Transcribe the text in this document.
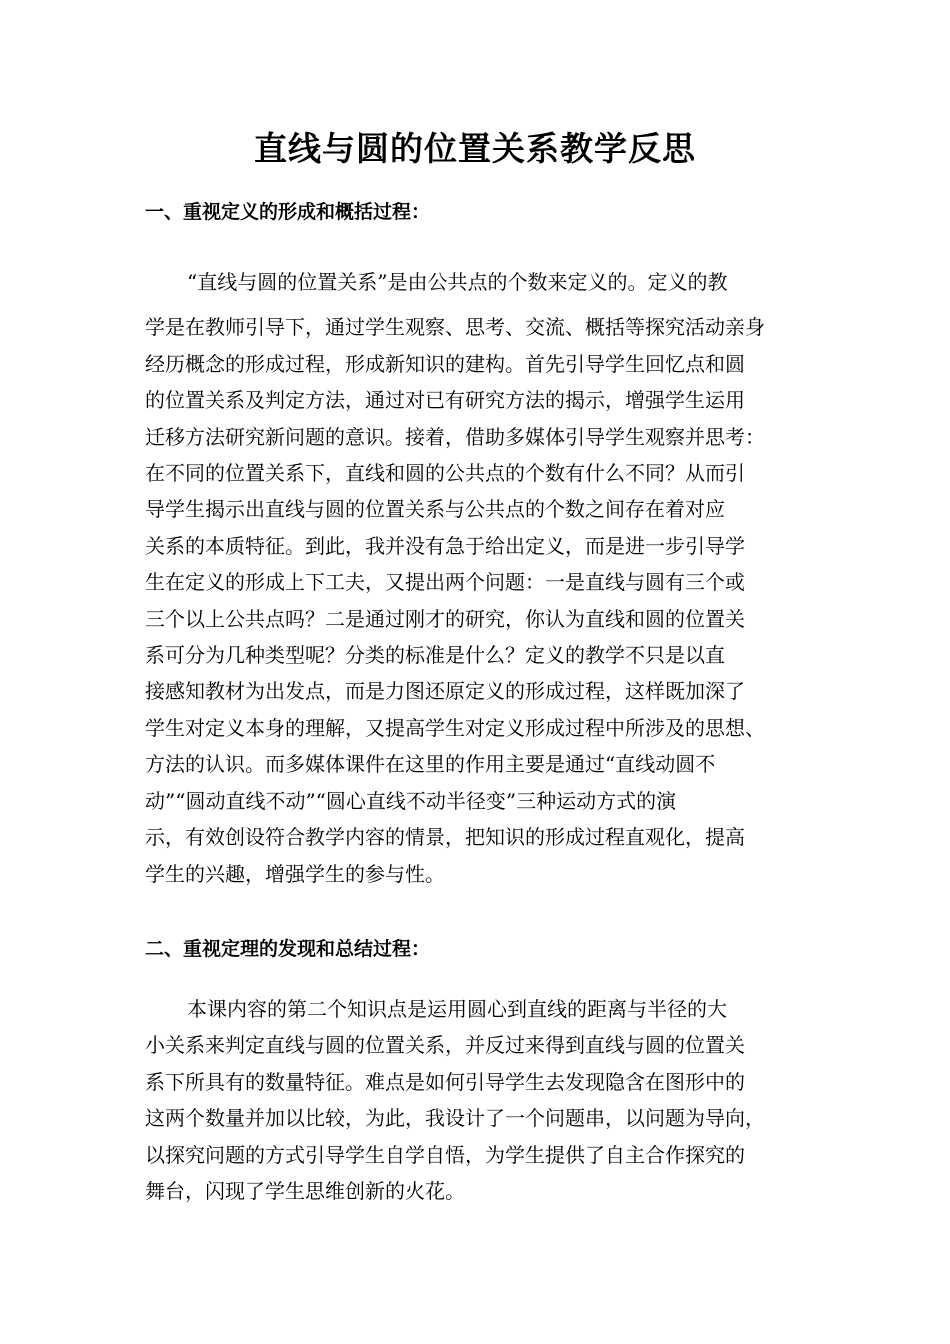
直线与圆的位置关系教学反思
一、重视定义的形成和概括过程：
“直线与圆的位置关系”是由公共点的个数来定义的。定义的教
学是在教师引导下，通过学生观察、思考、交流、概括等探究活动亲身
经历概念的形成过程，形成新知识的建构。首先引导学生回忆点和圆
的位置关系及判定方法，通过对已有研究方法的揭示，增强学生运用
迁移方法研究新问题的意识。接着，借助多媒体引导学生观察并思考：
在不同的位置关系下，直线和圆的公共点的个数有什么不同？从而引
导学生揭示出直线与圆的位置关系与公共点的个数之间存在着对应
关系的本质特征。到此，我并没有急于给出定义，而是进一步引导学
生在定义的形成上下工夫，又提出两个问题：一是直线与圆有三个或
三个以上公共点吗？二是通过刚才的研究，你认为直线和圆的位置关
系可分为几种类型呢？分类的标准是什么？定义的教学不只是以直
接感知教材为出发点，而是力图还原定义的形成过程，这样既加深了
学生对定义本身的理解，又提高学生对定义形成过程中所涉及的思想、
方法的认识。而多媒体课件在这里的作用主要是通过“直线动圆不
动”“圆动直线不动”“圆心直线不动半径变”三种运动方式的演
示，有效创设符合教学内容的情景，把知识的形成过程直观化，提高
学生的兴趣，增强学生的参与性。
二、重视定理的发现和总结过程：
本课内容的第二个知识点是运用圆心到直线的距离与半径的大
小关系来判定直线与圆的位置关系，并反过来得到直线与圆的位置关
系下所具有的数量特征。难点是如何引导学生去发现隐含在图形中的
这两个数量并加以比较，为此，我设计了一个问题串，以问题为导向，
以探究问题的方式引导学生自学自悟，为学生提供了自主合作探究的
舞台，闪现了学生思维创新的火花。
